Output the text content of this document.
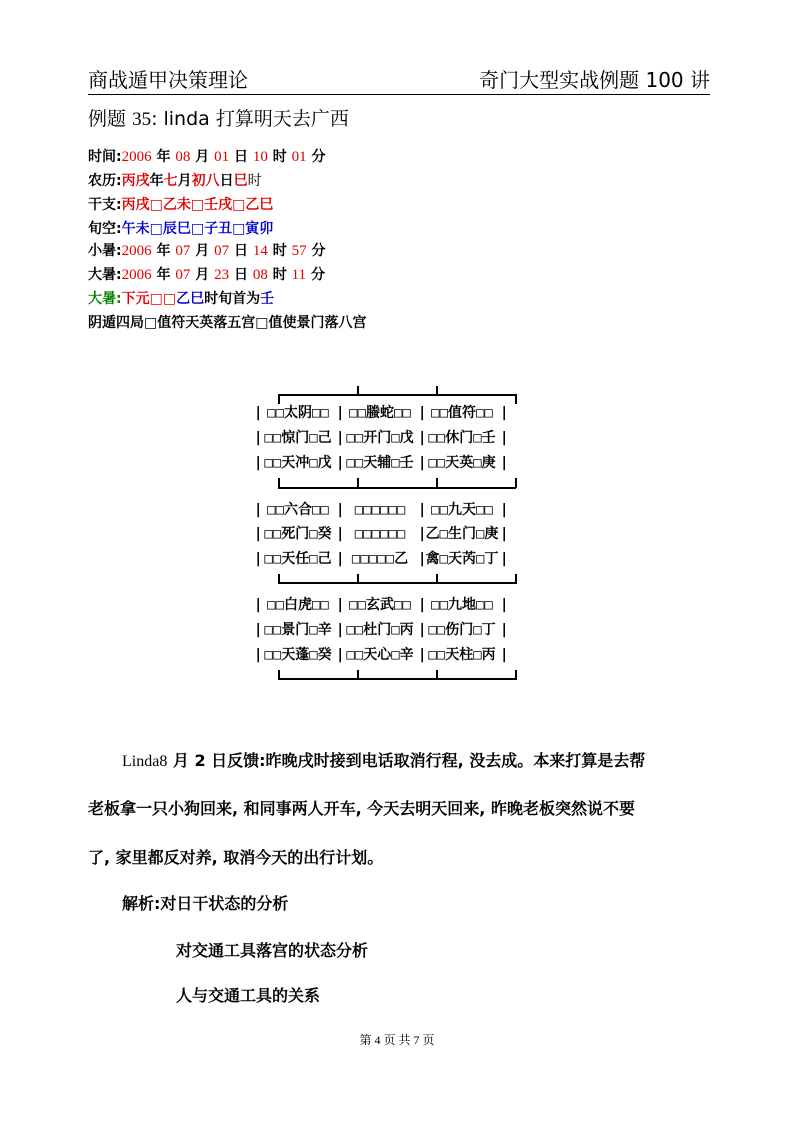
商战遁甲决策理论	奇门大型实战例题 100 讲
例题 35: linda 打算明天去广西
时间:2006 年 08 月 01 日 10 时 01 分
农历:丙戌年七月初八日巳时
干支:丙戌□乙未□壬戌□乙巳
旬空:午未□辰巳□子丑□寅卯
小暑:2006 年 07 月 07 日 14 时 57 分
大暑:2006 年 07 月 23 日 08 时 11 分
大暑:下元□□乙巳时旬首为壬
阴遁四局□值符天英落五宫□值使景门落八宫
| □□太阴□□ | □□螣蛇□□ | □□值符□□ |
| □□惊门□己 | □□开门□戊 | □□休门□壬 |
| □□天冲□戊 | □□天辅□壬 | □□天英□庚 |
| □□六合□□ | □□□□□□ | □□九天□□ |
| □□死门□癸 | □□□□□□ |乙□生门□庚 |
| □□天任□己 | □□□□□乙 |禽□天芮□丁 |
| □□白虎□□ | □□玄武□□ | □□九地□□ |
| □□景门□辛 | □□杜门□丙 | □□伤门□丁 |
| □□天蓬□癸 | □□天心□辛 | □□天柱□丙 |
Linda8 月 2 日反馈:昨晚戌时接到电话取消行程, 没去成。本来打算是去帮
老板拿一只小狗回来, 和同事两人开车, 今天去明天回来, 昨晚老板突然说不要
了, 家里都反对养, 取消今天的出行计划。
解析:对日干状态的分析
对交通工具落宫的状态分析
人与交通工具的关系
第 4 页 共 7 页
